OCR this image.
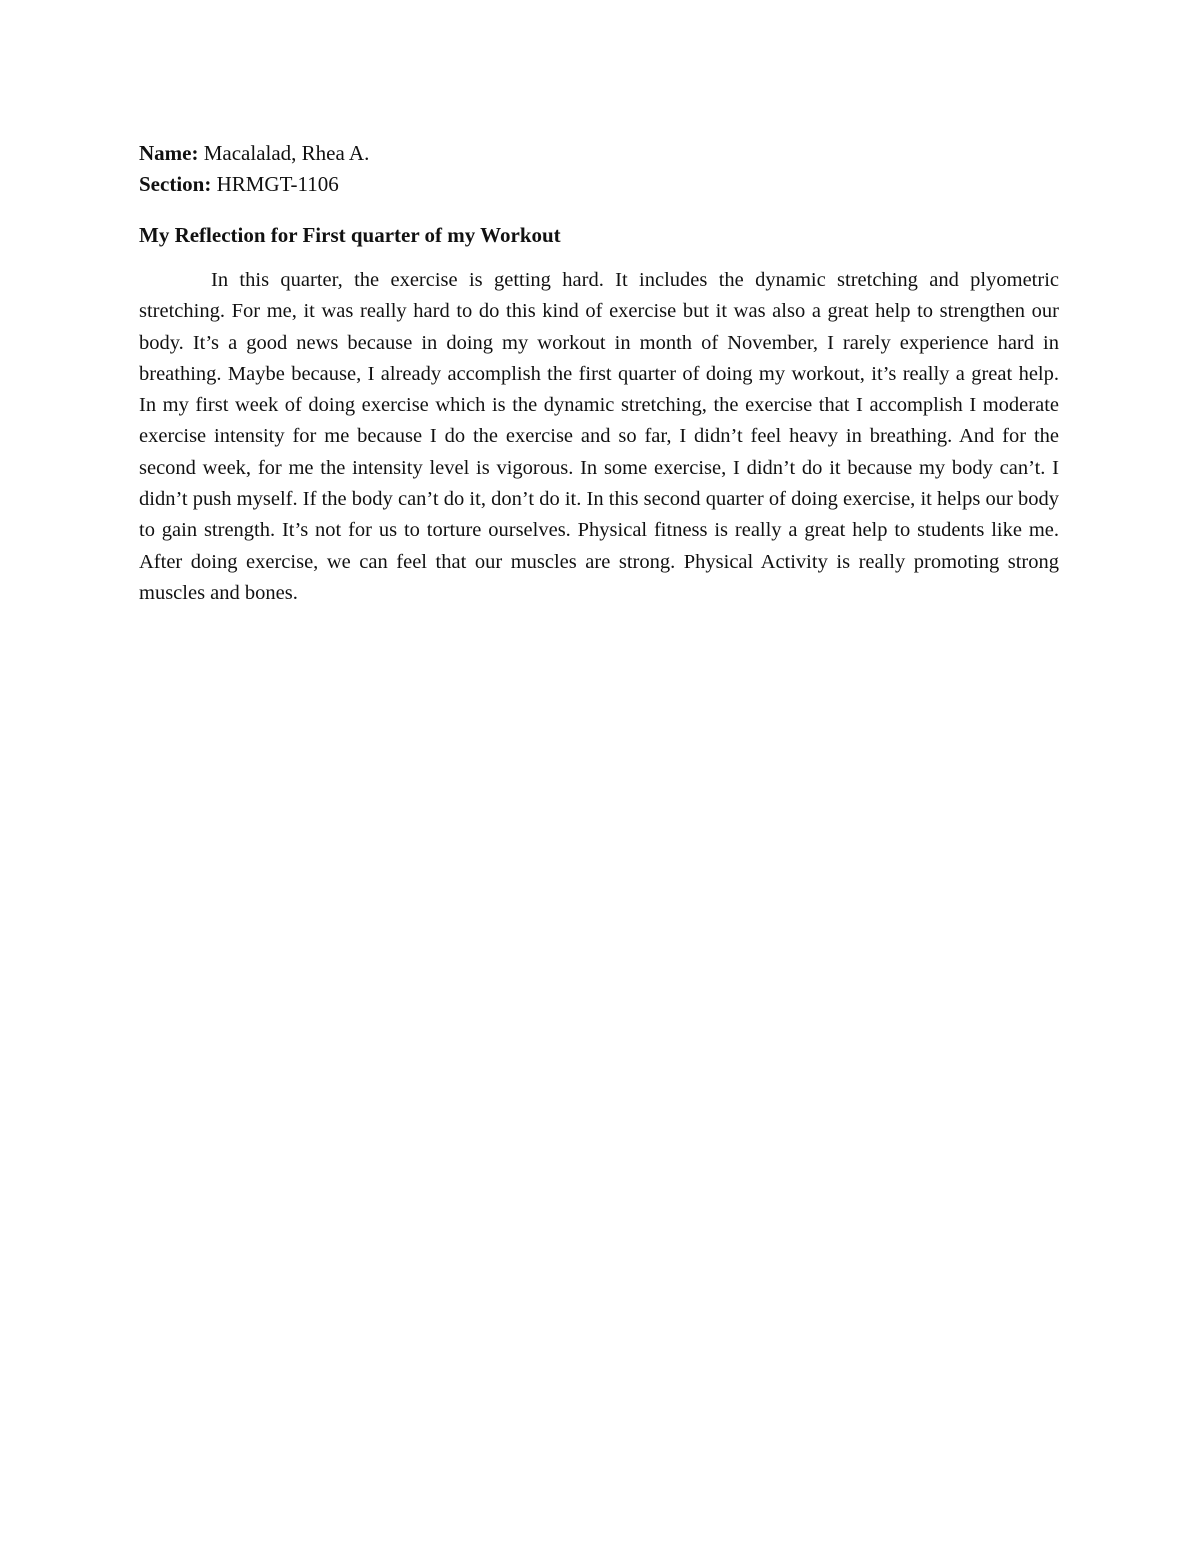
Name: Macalalad, Rhea A.

Section: HRMGT-1106

My Reflection for First quarter of my Workout

In this quarter, the exercise is getting hard. It includes the dynamic stretching and plyometric stretching. For me, it was really hard to do this kind of exercise but it was also a great help to strengthen our body. It’s a good news because in doing my workout in month of November, I rarely experience hard in breathing. Maybe because, I already accomplish the first quarter of doing my workout, it’s really a great help. In my first week of doing exercise which is the dynamic stretching, the exercise that I accomplish I moderate exercise intensity for me because I do the exercise and so far, I didn’t feel heavy in breathing. And for the second week, for me the intensity level is vigorous. In some exercise, I didn’t do it because my body can’t. I didn’t push myself. If the body can’t do it, don’t do it. In this second quarter of doing exercise, it helps our body to gain strength. It’s not for us to torture ourselves. Physical fitness is really a great help to students like me. After doing exercise, we can feel that our muscles are strong. Physical Activity is really promoting strong muscles and bones.
